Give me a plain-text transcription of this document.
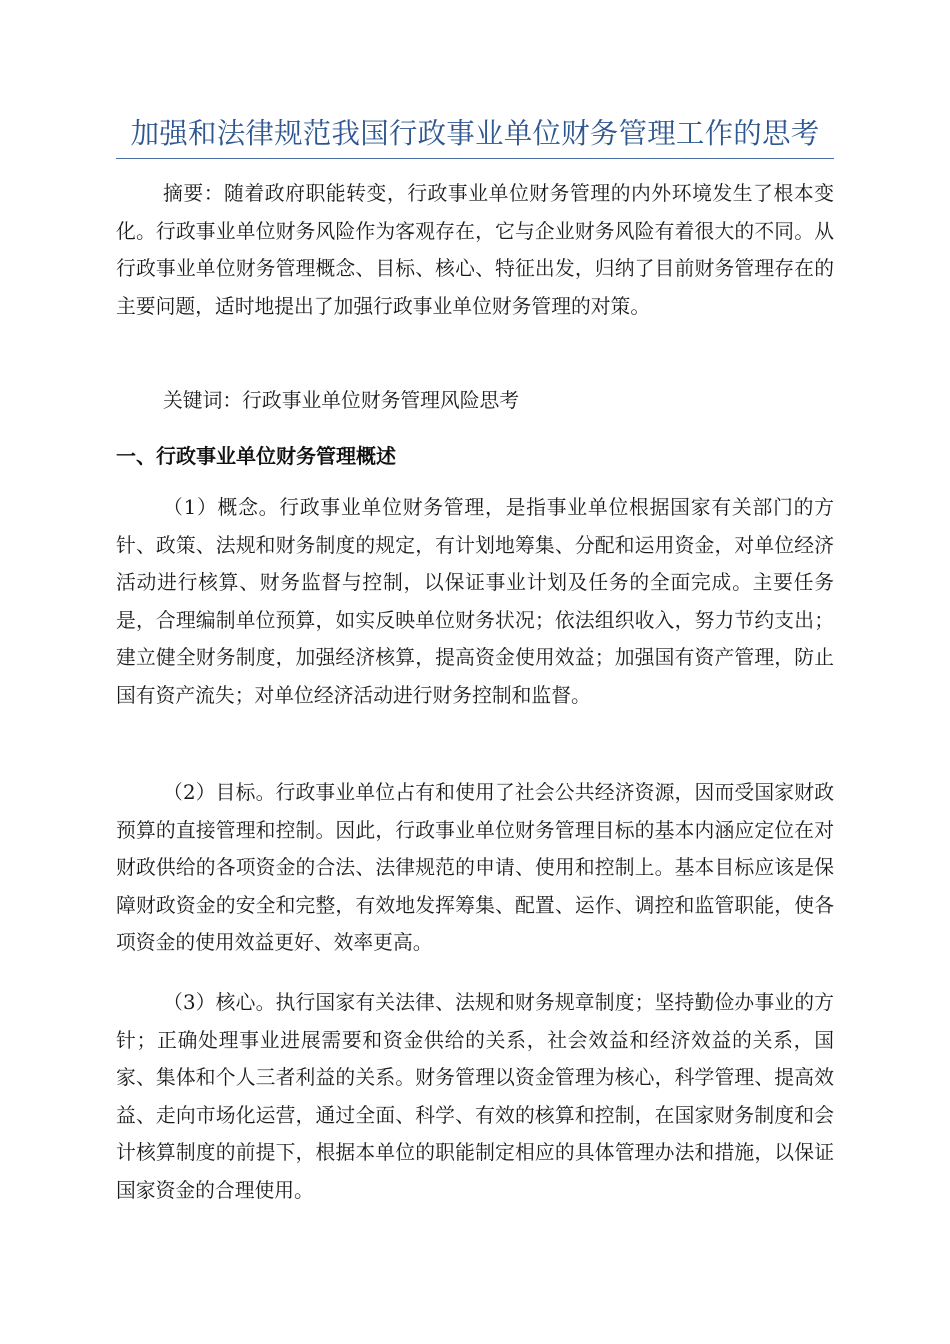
加强和法律规范我国行政事业单位财务管理工作的思考

摘要：随着政府职能转变，行政事业单位财务管理的内外环境发生了根本变化。行政事业单位财务风险作为客观存在，它与企业财务风险有着很大的不同。从行政事业单位财务管理概念、目标、核心、特征出发，归纳了目前财务管理存在的主要问题，适时地提出了加强行政事业单位财务管理的对策。

关键词：行政事业单位财务管理风险思考

一、行政事业单位财务管理概述

（1）概念。行政事业单位财务管理，是指事业单位根据国家有关部门的方针、政策、法规和财务制度的规定，有计划地筹集、分配和运用资金，对单位经济活动进行核算、财务监督与控制，以保证事业计划及任务的全面完成。主要任务是，合理编制单位预算，如实反映单位财务状况；依法组织收入，努力节约支出；建立健全财务制度，加强经济核算，提高资金使用效益；加强国有资产管理，防止国有资产流失；对单位经济活动进行财务控制和监督。

（2）目标。行政事业单位占有和使用了社会公共经济资源，因而受国家财政预算的直接管理和控制。因此，行政事业单位财务管理目标的基本内涵应定位在对财政供给的各项资金的合法、法律规范的申请、使用和控制上。基本目标应该是保障财政资金的安全和完整，有效地发挥筹集、配置、运作、调控和监管职能，使各项资金的使用效益更好、效率更高。

（3）核心。执行国家有关法律、法规和财务规章制度；坚持勤俭办事业的方针；正确处理事业进展需要和资金供给的关系，社会效益和经济效益的关系，国家、集体和个人三者利益的关系。财务管理以资金管理为核心，科学管理、提高效益、走向市场化运营，通过全面、科学、有效的核算和控制，在国家财务制度和会计核算制度的前提下，根据本单位的职能制定相应的具体管理办法和措施，以保证国家资金的合理使用。
